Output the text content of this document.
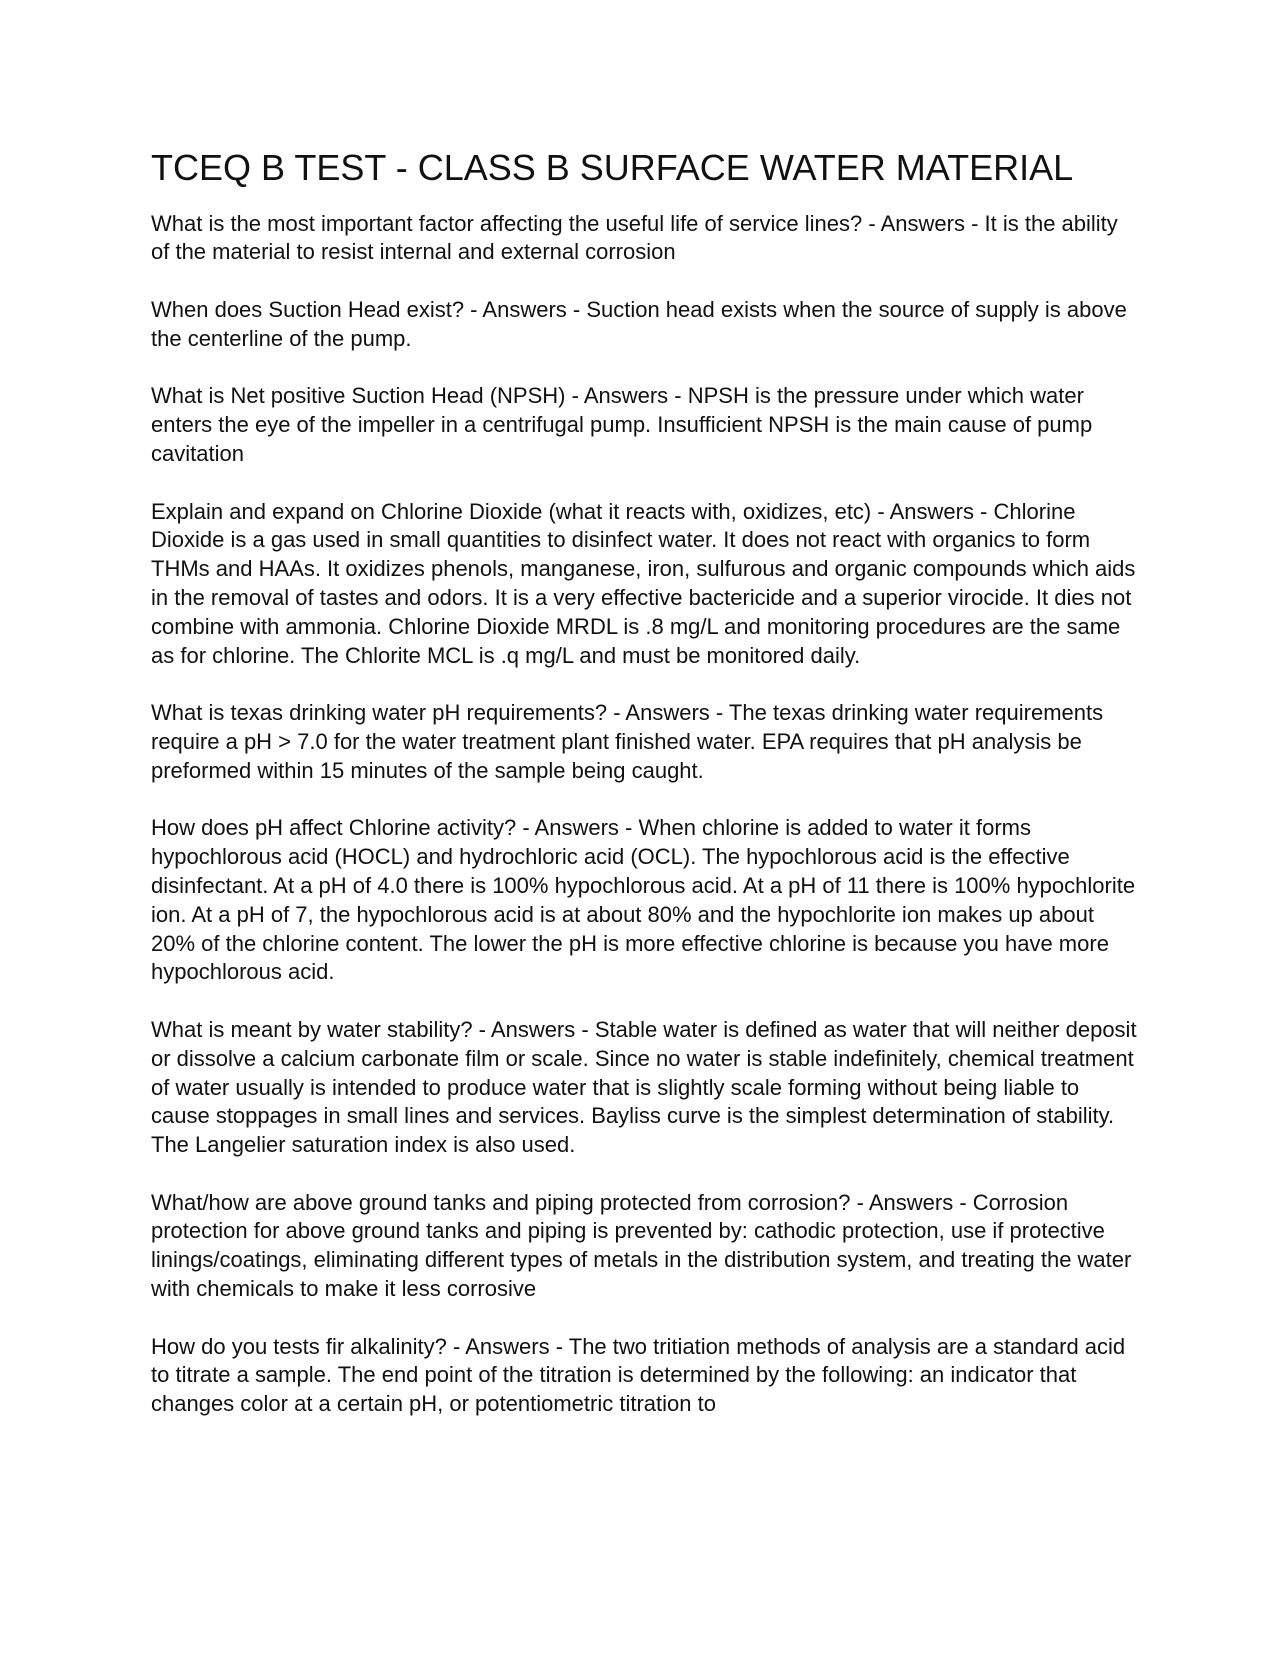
TCEQ B TEST - CLASS B SURFACE WATER MATERIAL

What is the most important factor affecting the useful life of service lines? - Answers - It is the ability of the material to resist internal and external corrosion

When does Suction Head exist? - Answers - Suction head exists when the source of supply is above the centerline of the pump.

What is Net positive Suction Head (NPSH) - Answers - NPSH is the pressure under which water enters the eye of the impeller in a centrifugal pump. Insufficient NPSH is the main cause of pump cavitation

Explain and expand on Chlorine Dioxide (what it reacts with, oxidizes, etc) - Answers - Chlorine Dioxide is a gas used in small quantities to disinfect water. It does not react with organics to form THMs and HAAs. It oxidizes phenols, manganese, iron, sulfurous and organic compounds which aids in the removal of tastes and odors. It is a very effective bactericide and a superior virocide. It dies not combine with ammonia. Chlorine Dioxide MRDL is .8 mg/L and monitoring procedures are the same as for chlorine. The Chlorite MCL is .q mg/L and must be monitored daily.

What is texas drinking water pH requirements? - Answers - The texas drinking water requirements require a pH > 7.0 for the water treatment plant finished water. EPA requires that pH analysis be preformed within 15 minutes of the sample being caught.

How does pH affect Chlorine activity? - Answers - When chlorine is added to water it forms hypochlorous acid (HOCL) and hydrochloric acid (OCL). The hypochlorous acid is the effective disinfectant. At a pH of 4.0 there is 100% hypochlorous acid. At a pH of 11 there is 100% hypochlorite ion. At a pH of 7, the hypochlorous acid is at about 80% and the hypochlorite ion makes up about 20% of the chlorine content. The lower the pH is more effective chlorine is because you have more hypochlorous acid.

What is meant by water stability? - Answers - Stable water is defined as water that will neither deposit or dissolve a calcium carbonate film or scale. Since no water is stable indefinitely, chemical treatment of water usually is intended to produce water that is slightly scale forming without being liable to cause stoppages in small lines and services. Bayliss curve is the simplest determination of stability. The Langelier saturation index is also used.

What/how are above ground tanks and piping protected from corrosion? - Answers - Corrosion protection for above ground tanks and piping is prevented by: cathodic protection, use if protective linings/coatings, eliminating different types of metals in the distribution system, and treating the water with chemicals to make it less corrosive

How do you tests fir alkalinity? - Answers - The two tritiation methods of analysis are a standard acid to titrate a sample. The end point of the titration is determined by the following: an indicator that changes color at a certain pH, or potentiometric titration to
